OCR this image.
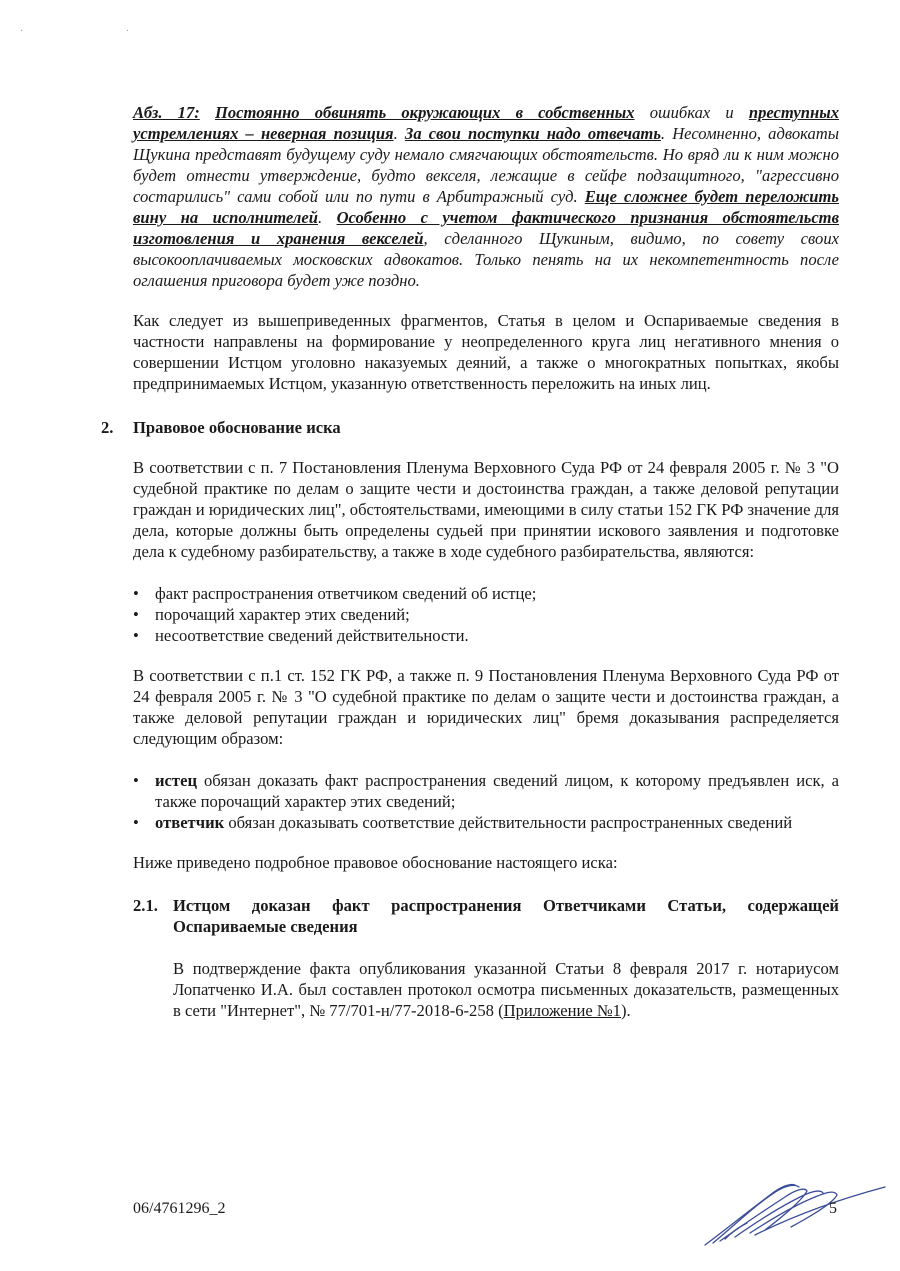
· ·

Абз. 17: Постоянно обвинять окружающих в собственных ошибках и преступных устремлениях – неверная позиция. За свои поступки надо отвечать. Несомненно, адвокаты Щукина представят будущему суду немало смягчающих обстоятельств. Но вряд ли к ним можно будет отнести утверждение, будто векселя, лежащие в сейфе подзащитного, "агрессивно состарились" сами собой или по пути в Арбитражный суд. Еще сложнее будет переложить вину на исполнителей. Особенно с учетом фактического признания обстоятельств изготовления и хранения векселей, сделанного Щукиным, видимо, по совету своих высокооплачиваемых московских адвокатов. Только пенять на их некомпетентность после оглашения приговора будет уже поздно.

Как следует из вышеприведенных фрагментов, Статья в целом и Оспариваемые сведения в частности направлены на формирование у неопределенного круга лиц негативного мнения о совершении Истцом уголовно наказуемых деяний, а также о многократных попытках, якобы предпринимаемых Истцом, указанную ответственность переложить на иных лиц.

2. Правовое обоснование иска

В соответствии с п. 7 Постановления Пленума Верховного Суда РФ от 24 февраля 2005 г. № 3 "О судебной практике по делам о защите чести и достоинства граждан, а также деловой репутации граждан и юридических лиц", обстоятельствами, имеющими в силу статьи 152 ГК РФ значение для дела, которые должны быть определены судьей при принятии искового заявления и подготовке дела к судебному разбирательству, а также в ходе судебного разбирательства, являются:

• факт распространения ответчиком сведений об истце;
• порочащий характер этих сведений;
• несоответствие сведений действительности.

В соответствии с п.1 ст. 152 ГК РФ, а также п. 9 Постановления Пленума Верховного Суда РФ от 24 февраля 2005 г. № 3 "О судебной практике по делам о защите чести и достоинства граждан, а также деловой репутации граждан и юридических лиц" бремя доказывания распределяется следующим образом:

• истец обязан доказать факт распространения сведений лицом, к которому предъявлен иск, а также порочащий характер этих сведений;
• ответчик обязан доказывать соответствие действительности распространенных сведений

Ниже приведено подробное правовое обоснование настоящего иска:

2.1. Истцом доказан факт распространения Ответчиками Статьи, содержащей Оспариваемые сведения

В подтверждение факта опубликования указанной Статьи 8 февраля 2017 г. нотариусом Лопатченко И.А. был составлен протокол осмотра письменных доказательств, размещенных в сети "Интернет", № 77/701-н/77-2018-6-258 (Приложение №1).

06/4761296_2	5
